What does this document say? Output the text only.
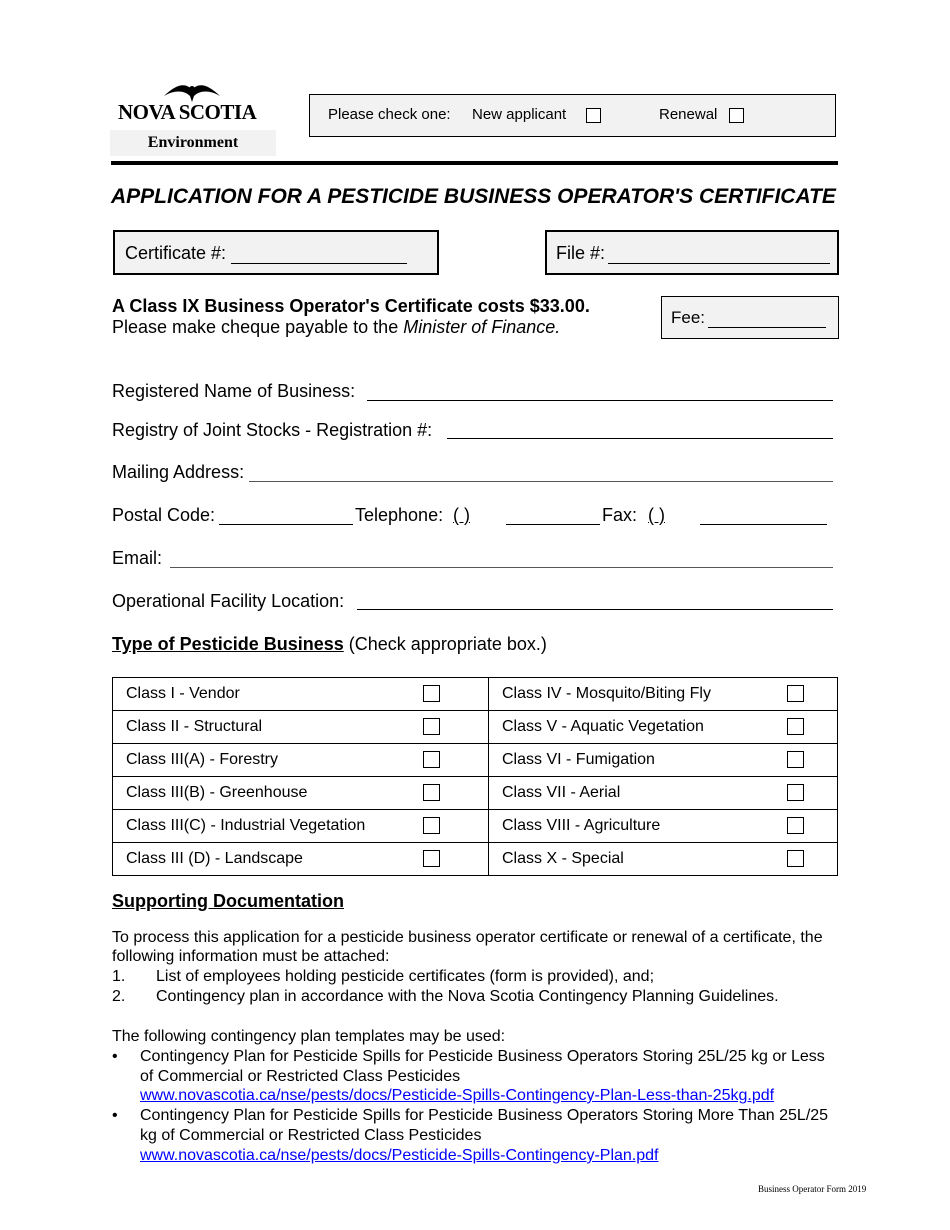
NOVA SCOTIA
Environment
Please check one: New applicant	Renewal
APPLICATION FOR A PESTICIDE BUSINESS OPERATOR'S CERTIFICATE
Certificate #:	File #:
A Class IX Business Operator's Certificate costs $33.00.
Please make cheque payable to the Minister of Finance.	Fee:
Registered Name of Business:
Registry of Joint Stocks - Registration #:
Mailing Address:
Postal Code:	Telephone: ( )	Fax: ( )
Email:
Operational Facility Location:
Type of Pesticide Business (Check appropriate box.)
Class I - Vendor		Class IV - Mosquito/Biting Fly	
Class II - Structural		Class V - Aquatic Vegetation	
Class III(A) - Forestry		Class VI - Fumigation	
Class III(B) - Greenhouse		Class VII - Aerial	
Class III(C) - Industrial Vegetation		Class VIII - Agriculture	
Class III (D) - Landscape		Class X - Special	
Supporting Documentation
To process this application for a pesticide business operator certificate or renewal of a certificate, the
following information must be attached:
1. List of employees holding pesticide certificates (form is provided), and;
2. Contingency plan in accordance with the Nova Scotia Contingency Planning Guidelines.
The following contingency plan templates may be used:
• Contingency Plan for Pesticide Spills for Pesticide Business Operators Storing 25L/25 kg or Less
of Commercial or Restricted Class Pesticides
www.novascotia.ca/nse/pests/docs/Pesticide-Spills-Contingency-Plan-Less-than-25kg.pdf
• Contingency Plan for Pesticide Spills for Pesticide Business Operators Storing More Than 25L/25
kg of Commercial or Restricted Class Pesticides
www.novascotia.ca/nse/pests/docs/Pesticide-Spills-Contingency-Plan.pdf
Business Operator Form 2019
